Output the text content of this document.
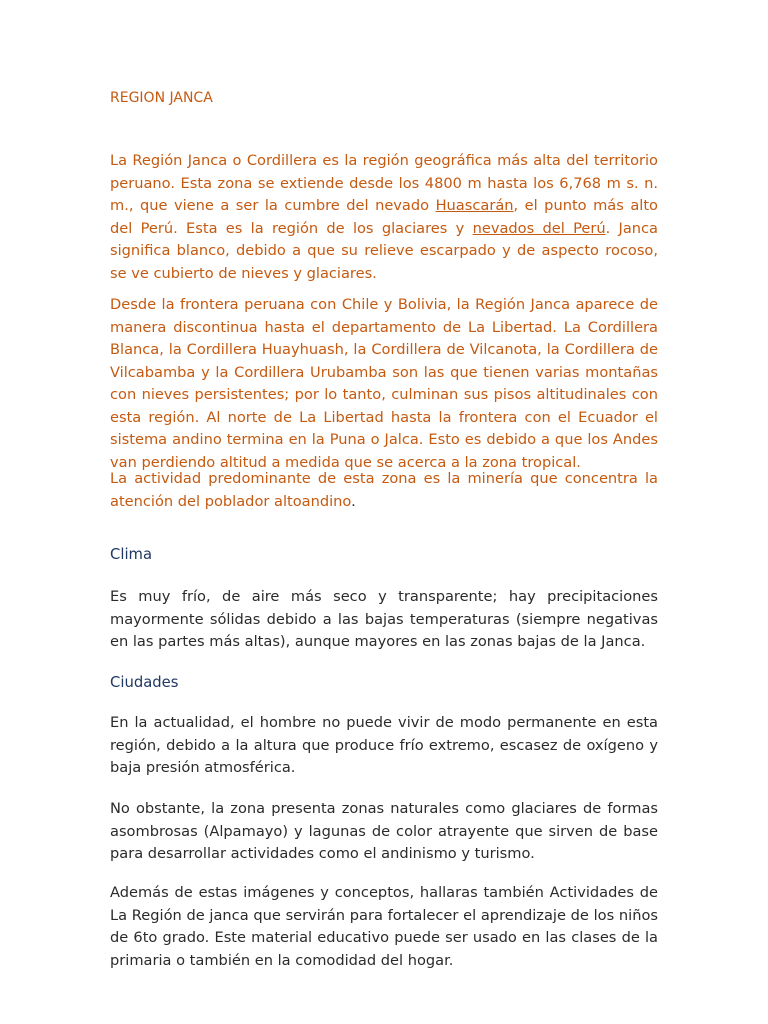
REGION JANCA

La Región Janca o Cordillera es la región geográfica más alta del territorio peruano. Esta zona se extiende desde los 4800 m hasta los 6,768 m s. n. m., que viene a ser la cumbre del nevado Huascarán, el punto más alto del Perú. Esta es la región de los glaciares y nevados del Perú. Janca significa blanco, debido a que su relieve escarpado y de aspecto rocoso, se ve cubierto de nieves y glaciares.

Desde la frontera peruana con Chile y Bolivia, la Región Janca aparece de manera discontinua hasta el departamento de La Libertad. La Cordillera Blanca, la Cordillera Huayhuash, la Cordillera de Vilcanota, la Cordillera de Vilcabamba y la Cordillera Urubamba son las que tienen varias montañas con nieves persistentes; por lo tanto, culminan sus pisos altitudinales con esta región. Al norte de La Libertad hasta la frontera con el Ecuador el sistema andino termina en la Puna o Jalca. Esto es debido a que los Andes van perdiendo altitud a medida que se acerca a la zona tropical.

La actividad predominante de esta zona es la minería que concentra la atención del poblador altoandino.

Clima

Es muy frío, de aire más seco y transparente; hay precipitaciones mayormente sólidas debido a las bajas temperaturas (siempre negativas en las partes más altas), aunque mayores en las zonas bajas de la Janca.

Ciudades

En la actualidad, el hombre no puede vivir de modo permanente en esta región, debido a la altura que produce frío extremo, escasez de oxígeno y baja presión atmosférica.

No obstante, la zona presenta zonas naturales como glaciares de formas asombrosas (Alpamayo) y lagunas de color atrayente que sirven de base para desarrollar actividades como el andinismo y turismo.

Además de estas imágenes y conceptos, hallaras también Actividades de La Región de janca que servirán para fortalecer el aprendizaje de los niños de 6to grado. Este material educativo puede ser usado en las clases de la primaria o también en la comodidad del hogar.
